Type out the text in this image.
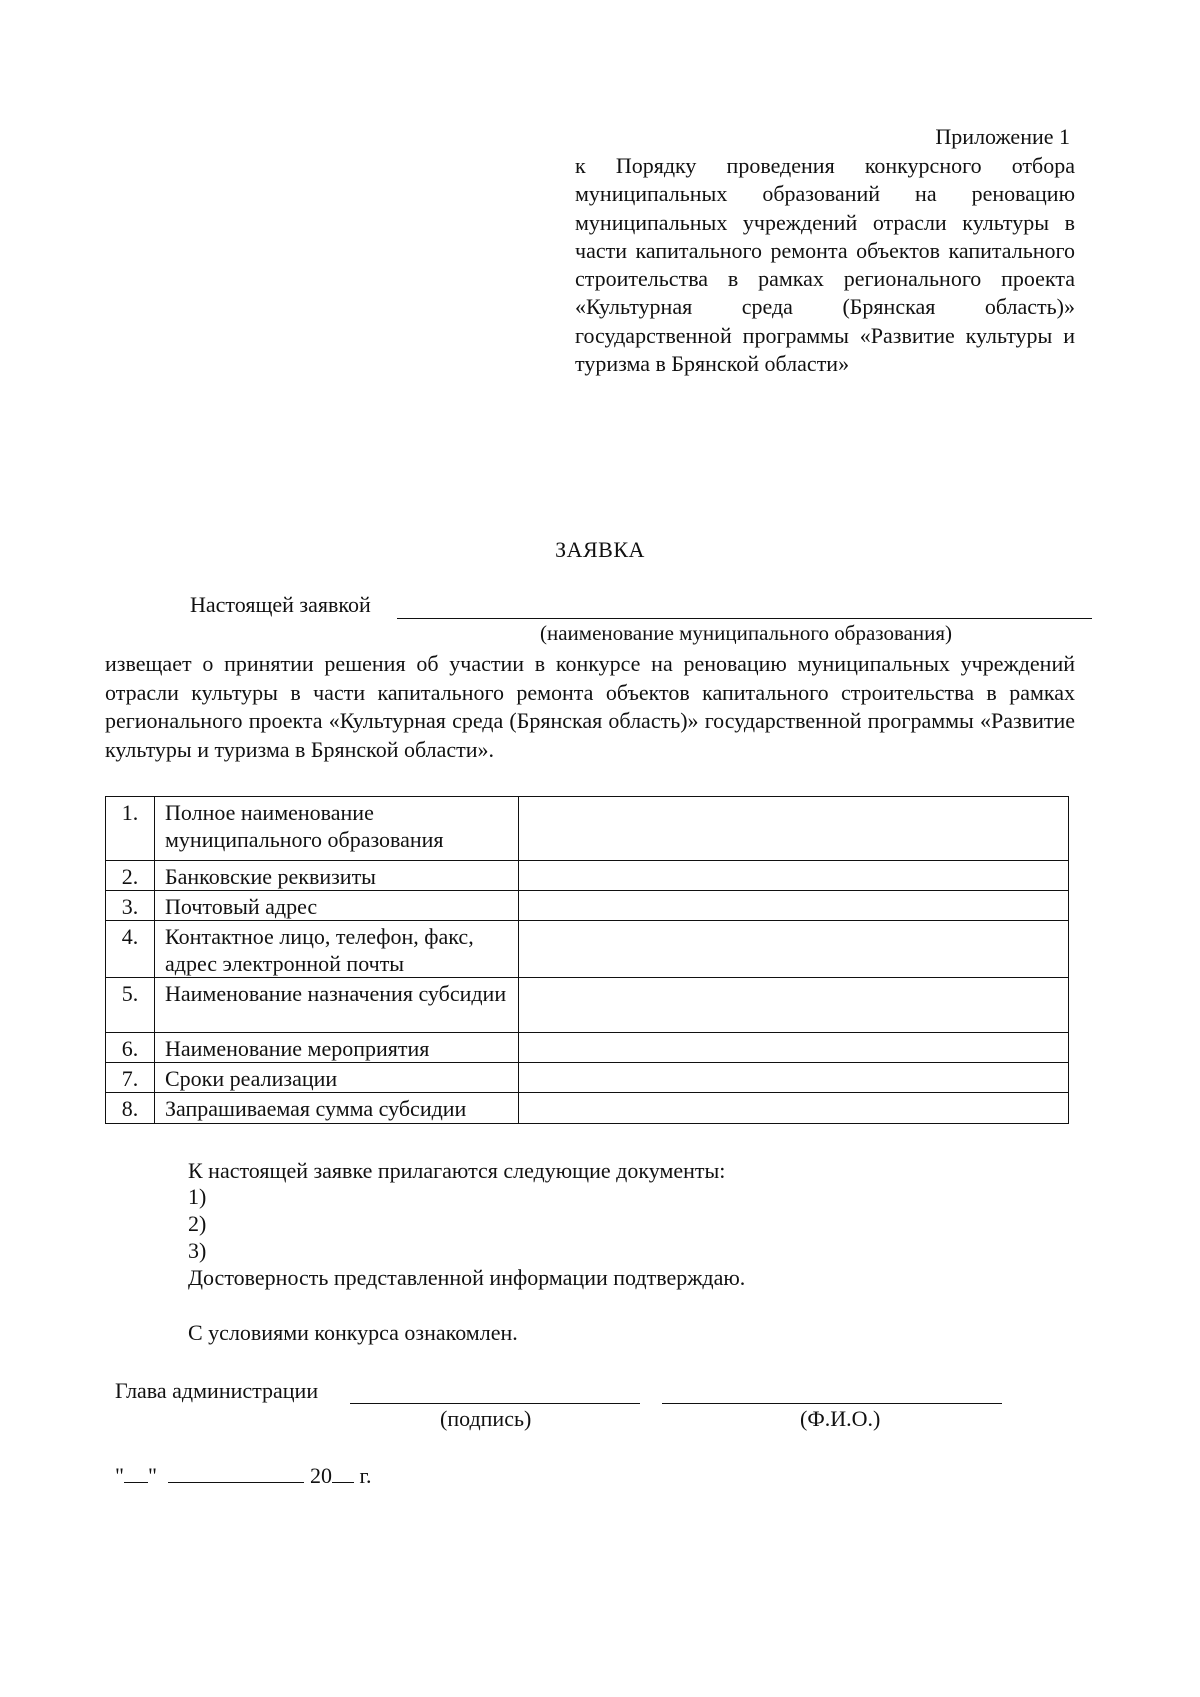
Приложение 1
к Порядку проведения конкурсного отбора муниципальных образований на реновацию муниципальных учреждений отрасли культуры в части капитального ремонта объектов капитального строительства в рамках регионального проекта «Культурная среда (Брянская область)» государственной программы «Развитие культуры и туризма в Брянской области»
ЗАЯВКА
Настоящей заявкой
(наименование муниципального образования)
извещает о принятии решения об участии в конкурсе на реновацию муниципальных учреждений отрасли культуры в части капитального ремонта объектов капитального строительства в рамках регионального проекта «Культурная среда (Брянская область)» государственной программы «Развитие культуры и туризма в Брянской области».
1.	Полное наименование муниципального образования	
2.	Банковские реквизиты	
3.	Почтовый адрес	
4.	Контактное лицо, телефон, факс, адрес электронной почты	
5.	Наименование назначения субсидии	
6.	Наименование мероприятия	
7.	Сроки реализации	
8.	Запрашиваемая сумма субсидии	
К настоящей заявке прилагаются следующие документы:
1)
2)
3)
Достоверность представленной информации подтверждаю.
С условиями конкурса ознакомлен.
Глава администрации
(подпись)	(Ф.И.О.)
" "	20 г.
